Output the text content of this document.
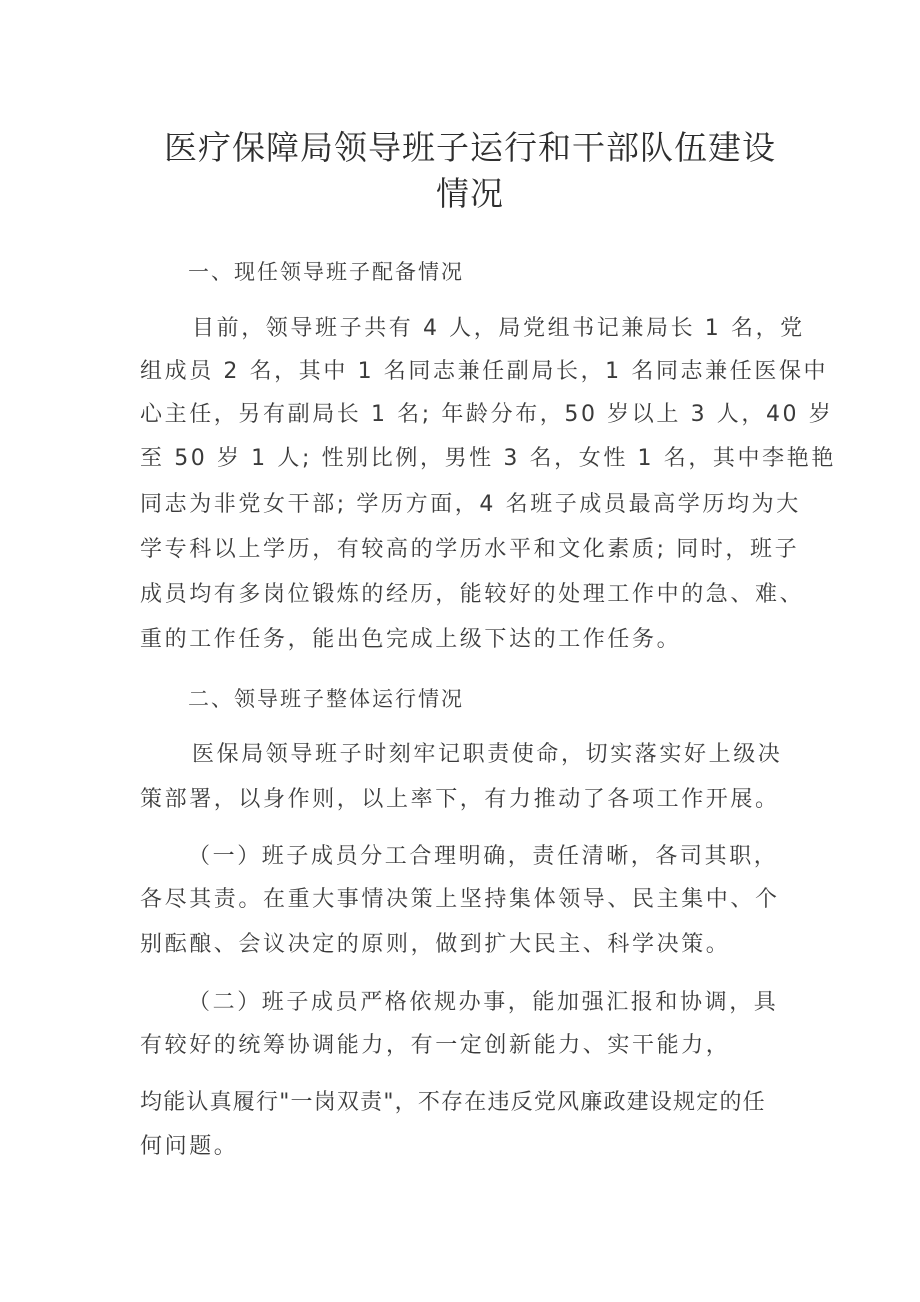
医疗保障局领导班子运行和干部队伍建设
情况
一、现任领导班子配备情况
目前，领导班子共有 4 人，局党组书记兼局长 1 名，党
组成员 2 名，其中 1 名同志兼任副局长，1 名同志兼任医保中
心主任，另有副局长 1 名; 年龄分布，50 岁以上 3 人，40 岁
至 50 岁 1 人; 性别比例，男性 3 名，女性 1 名，其中李艳艳
同志为非党女干部; 学历方面，4 名班子成员最高学历均为大
学专科以上学历，有较高的学历水平和文化素质; 同时，班子
成员均有多岗位锻炼的经历，能较好的处理工作中的急、难、
重的工作任务，能出色完成上级下达的工作任务。
二、领导班子整体运行情况
医保局领导班子时刻牢记职责使命，切实落实好上级决
策部署，以身作则，以上率下，有力推动了各项工作开展。
（一）班子成员分工合理明确，责任清晰，各司其职，
各尽其责。在重大事情决策上坚持集体领导、民主集中、个
别酝酿、会议决定的原则，做到扩大民主、科学决策。
（二）班子成员严格依规办事，能加强汇报和协调，具
有较好的统筹协调能力，有一定创新能力、实干能力，
均能认真履行"一岗双责"，不存在违反党风廉政建设规定的任
何问题。
